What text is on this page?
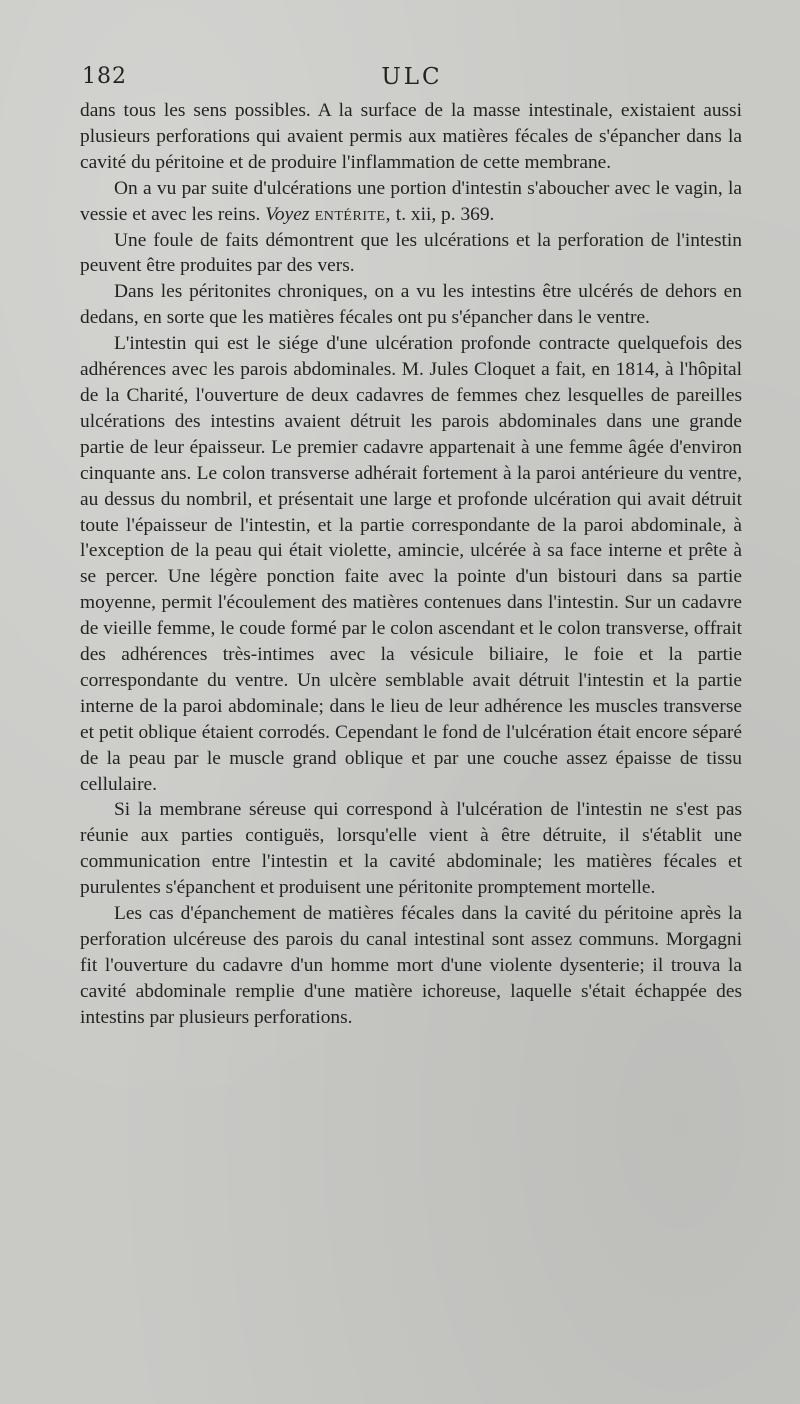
182	ULC

dans tous les sens possibles. A la surface de la masse intestinale, existaient aussi plusieurs perforations qui avaient permis aux matières fécales de s'épancher dans la cavité du péritoine et de produire l'inflammation de cette membrane.

On a vu par suite d'ulcérations une portion d'intestin s'aboucher avec le vagin, la vessie et avec les reins. Voyez entérite, t. xii, p. 369.

Une foule de faits démontrent que les ulcérations et la perforation de l'intestin peuvent être produites par des vers.

Dans les péritonites chroniques, on a vu les intestins être ulcérés de dehors en dedans, en sorte que les matières fécales ont pu s'épancher dans le ventre.

L'intestin qui est le siége d'une ulcération profonde contracte quelquefois des adhérences avec les parois abdominales. M. Jules Cloquet a fait, en 1814, à l'hôpital de la Charité, l'ouverture de deux cadavres de femmes chez lesquelles de pareilles ulcérations des intestins avaient détruit les parois abdominales dans une grande partie de leur épaisseur. Le premier cadavre appartenait à une femme âgée d'environ cinquante ans. Le colon transverse adhérait fortement à la paroi antérieure du ventre, au dessus du nombril, et présentait une large et profonde ulcération qui avait détruit toute l'épaisseur de l'intestin, et la partie correspondante de la paroi abdominale, à l'exception de la peau qui était violette, amincie, ulcérée à sa face interne et prête à se percer. Une légère ponction faite avec la pointe d'un bistouri dans sa partie moyenne, permit l'écoulement des matières contenues dans l'intestin. Sur un cadavre de vieille femme, le coude formé par le colon ascendant et le colon transverse, offrait des adhérences très-intimes avec la vésicule biliaire, le foie et la partie correspondante du ventre. Un ulcère semblable avait détruit l'intestin et la partie interne de la paroi abdominale; dans le lieu de leur adhérence les muscles transverse et petit oblique étaient corrodés. Cependant le fond de l'ulcération était encore séparé de la peau par le muscle grand oblique et par une couche assez épaisse de tissu cellulaire.

Si la membrane séreuse qui correspond à l'ulcération de l'intestin ne s'est pas réunie aux parties contiguës, lorsqu'elle vient à être détruite, il s'établit une communication entre l'intestin et la cavité abdominale; les matières fécales et purulentes s'épanchent et produisent une péritonite promptement mortelle.

Les cas d'épanchement de matières fécales dans la cavité du péritoine après la perforation ulcéreuse des parois du canal intestinal sont assez communs. Morgagni fit l'ouverture du cadavre d'un homme mort d'une violente dysenterie; il trouva la cavité abdominale remplie d'une matière ichoreuse, laquelle s'était échappée des intestins par plusieurs perforations.
